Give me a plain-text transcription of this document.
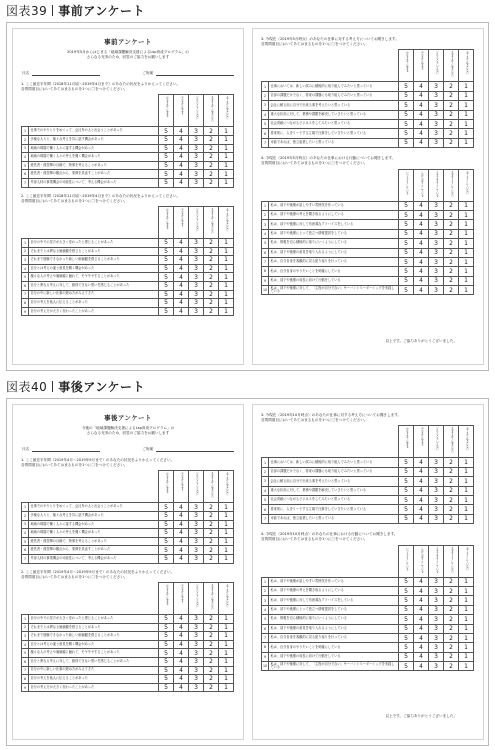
図表39 事前アンケート
事前アンケート
2019年5月からはじまる「地域課題解決支援によるLsp育成プログラム」の
さらなる充実のため、回答のご協力をお願いします
氏名	ご所属
1. ここ最近半年間（2018年11月頃～2019年4月まで）のあなたの状況をふりかえってください。
各質問項目においてあてはまるものを1つに〇をつけてください。
		かなりあてはまる	ややあてはまる	どちらともいえない	あまりあてはまらない	全くあてはまらない
1	仕事でのやりとりをめぐって、会社外の人と出会うことがあった	5	4	3	2	1
2	多様な人々と、様々な考えを共に話す機会があった	5	4	3	2	1
3	地域の現場で働く人々に接する機会があった	5	4	3	2	1
4	地域の現場で働く人々の考えを聞く機会があった	5	4	3	2	1
5	経営者・経営陣の目線で、物事を考えることがあった	5	4	3	2	1
6	経営者・経営陣の観点から、業務を見直すことがあった	5	4	3	2	1
7	外部人材の事業機会の可能性について、考える機会があった	5	4	3	2	1
2. ここ最近半年間（2018年11月頃～2019年4月まで）のあなたの状況をふりかえってください。
各質問項目においてあてはまるものを1つに〇をつけてください。
		かなりあてはまる	ややあてはまる	どちらともいえない	あまりあてはまらない	全くあてはまらない
1	自分の中での見方が大きく変わったと感じることがあった	5	4	3	2	1
2	それまでとは異なる価値観を感じることがあった	5	4	3	2	1
3	それまで経験できなかった新しい価値観を感じることがあった	5	4	3	2	1
4	自分とは考えの違う意見を聞く機会があった	5	4	3	2	1
5	様々な人の考えや価値観に触れて、モヤモヤすることがあった	5	4	3	2	1
6	自分と異なる考えに対して、納得できない思いを感じることがあった	5	4	3	2	1
7	自分の中に新しい仕事の進め方がみえてきた	5	4	3	2	1
8	自分の考えを他人に伝えることがあった	5	4	3	2	1
9	自分の考え方が大きく変わったことがあった	5	4	3	2	1
3. 今現在（2019年5月時点）のあなたの仕事に対する考え方についてお聞きします。
各質問項目においてあてはまるものを1つに〇をつけてください。
		かなりあてはまる	ややあてはまる	どちらともいえない	あまりあてはまらない	全くあてはまらない
1	仕事においては、新しい試みに積極的に取り組んでみたいと思っている	5	4	3	2	1
2	自部の課題だけでなく、将来の課題にも取り組んでみたいと思っている	5	4	3	2	1
3	会社に頼る前に自分で出来る事を考えたいと思っている	5	4	3	2	1
4	重大な状況に対して、業務や課題を解決していきたいと思っている	5	4	3	2	1
5	社会貢献につながるビジネスをしてみたいと思っている	5	4	3	2	1
6	将来的に、人をリードする立場で仕事をしていきたいと思っている	5	4	3	2	1
7	可能であれば、独立起業したいと思っている	5	4	3	2	1
4. 今現在（2019年5月時点）のあなたの仕事における行動についてお聞きします。
各質問項目においてあてはまるものを1つに〇をつけてください。
		いつもそうしている	しばしばそうしている	ときどきそうしている	あまりそうしていない	全くそうしていない
1	私は、部下や後輩が話しやすい雰囲気を作っている	5	4	3	2	1
2	私は、部下や後輩の考えを聞き取るようにしている	5	4	3	2	1
3	私は、部下や後輩に対して有意義なアドバイスをしている	5	4	3	2	1
4	私は、部下や後輩にとって役立つ情報提供をしている	5	4	3	2	1
5	私は、情報を自ら積極的に取りにいくようにしている	5	4	3	2	1
6	私は、部下や後輩の意見を取り入れるようにしている	5	4	3	2	1
7	私は、自分自身を客観的に見る振り返りを行っている	5	4	3	2	1
8	私は、自分自身のやりたいことを明確にしている	5	4	3	2	1
9	私は、部下や後輩の成長に向けて行動をしている	5	4	3	2	1
10	私は、部下や後輩に対して、「主役が自分でない」サーバントリーダーシップを実践している	5	4	3	2	1
以上です。ご協力ありがとうございました。
図表40 事後アンケート
事後アンケート
今後の「地域課題解決支援によるLsp育成プログラム」の
さらなる充実のため、回答のご協力をお願いします
氏名	ご所属
1. ここ最近半年間（2019年4月～2019年9月まで）のあなたの状況をふりかえってください。
各質問項目においてあてはまるものを1つに〇をつけてください。
		かなりあてはまる	ややあてはまる	どちらともいえない	あまりあてはまらない	全くあてはまらない
1	仕事でのやりとりをめぐって、会社外の人と出会うことがあった	5	4	3	2	1
2	多様な人々と、様々な考えを共に話す機会があった	5	4	3	2	1
3	地域の現場で働く人々に接する機会があった	5	4	3	2	1
4	地域の現場で働く人々の考えを聞く機会があった	5	4	3	2	1
5	経営者・経営陣の目線で、物事を考えることがあった	5	4	3	2	1
6	経営者・経営陣の観点から、業務を見直すことがあった	5	4	3	2	1
7	外部人材の事業機会の可能性について、考える機会があった	5	4	3	2	1
2. ここ最近半年間（2019年4月～2019年9月まで）のあなたの状況をふりかえってください。
各質問項目においてあてはまるものを1つに〇をつけてください。
		かなりあてはまる	ややあてはまる	どちらともいえない	あまりあてはまらない	全くあてはまらない
1	自分の中での見方が大きく変わったと感じることがあった	5	4	3	2	1
2	それまでとは異なる価値観を感じることがあった	5	4	3	2	1
3	それまで経験できなかった新しい価値観を感じることがあった	5	4	3	2	1
4	自分とは考えの違う意見を聞く機会があった	5	4	3	2	1
5	様々な人の考えや価値観に触れて、モヤモヤすることがあった	5	4	3	2	1
6	自分と異なる考えに対して、納得できない思いを感じることがあった	5	4	3	2	1
7	自分の中に新しい仕事の進め方がみえてきた	5	4	3	2	1
8	自分の考えを他人に伝えることがあった	5	4	3	2	1
9	自分の考え方が大きく変わったことがあった	5	4	3	2	1
3. 今現在（2019年10月時点）のあなたの仕事に対する考え方についてお聞きします。
各質問項目においてあてはまるものを1つに〇をつけてください。
		かなりあてはまる	ややあてはまる	どちらともいえない	あまりあてはまらない	全くあてはまらない
1	仕事においては、新しい試みに積極的に取り組んでみたいと思っている	5	4	3	2	1
2	自部の課題だけでなく、将来の課題にも取り組んでみたいと思っている	5	4	3	2	1
3	会社に頼る前に自分で出来る事を考えたいと思っている	5	4	3	2	1
4	重大な状況に対して、業務や課題を解決していきたいと思っている	5	4	3	2	1
5	社会貢献につながるビジネスをしてみたいと思っている	5	4	3	2	1
6	将来的に、人をリードする立場で仕事をしていきたいと思っている	5	4	3	2	1
7	可能であれば、独立起業したいと思っている	5	4	3	2	1
4. 今現在（2019年10月時点）のあなたの仕事における行動についてお聞きします。
各質問項目においてあてはまるものを1つに〇をつけてください。
		いつもそうしている	しばしばそうしている	ときどきそうしている	あまりそうしていない	全くそうしていない
1	私は、部下や後輩が話しやすい雰囲気を作っている	5	4	3	2	1
2	私は、部下や後輩の考えを聞き取るようにしている	5	4	3	2	1
3	私は、部下や後輩に対して有意義なアドバイスをしている	5	4	3	2	1
4	私は、部下や後輩にとって役立つ情報提供をしている	5	4	3	2	1
5	私は、情報を自ら積極的に取りにいくようにしている	5	4	3	2	1
6	私は、部下や後輩の意見を取り入れるようにしている	5	4	3	2	1
7	私は、自分自身を客観的に見る振り返りを行っている	5	4	3	2	1
8	私は、自分自身のやりたいことを明確にしている	5	4	3	2	1
9	私は、部下や後輩の成長に向けて行動をしている	5	4	3	2	1
10	私は、部下や後輩に対して、「主役が自分でない」サーバントリーダーシップを実践している	5	4	3	2	1
以上です。ご協力ありがとうございました。
